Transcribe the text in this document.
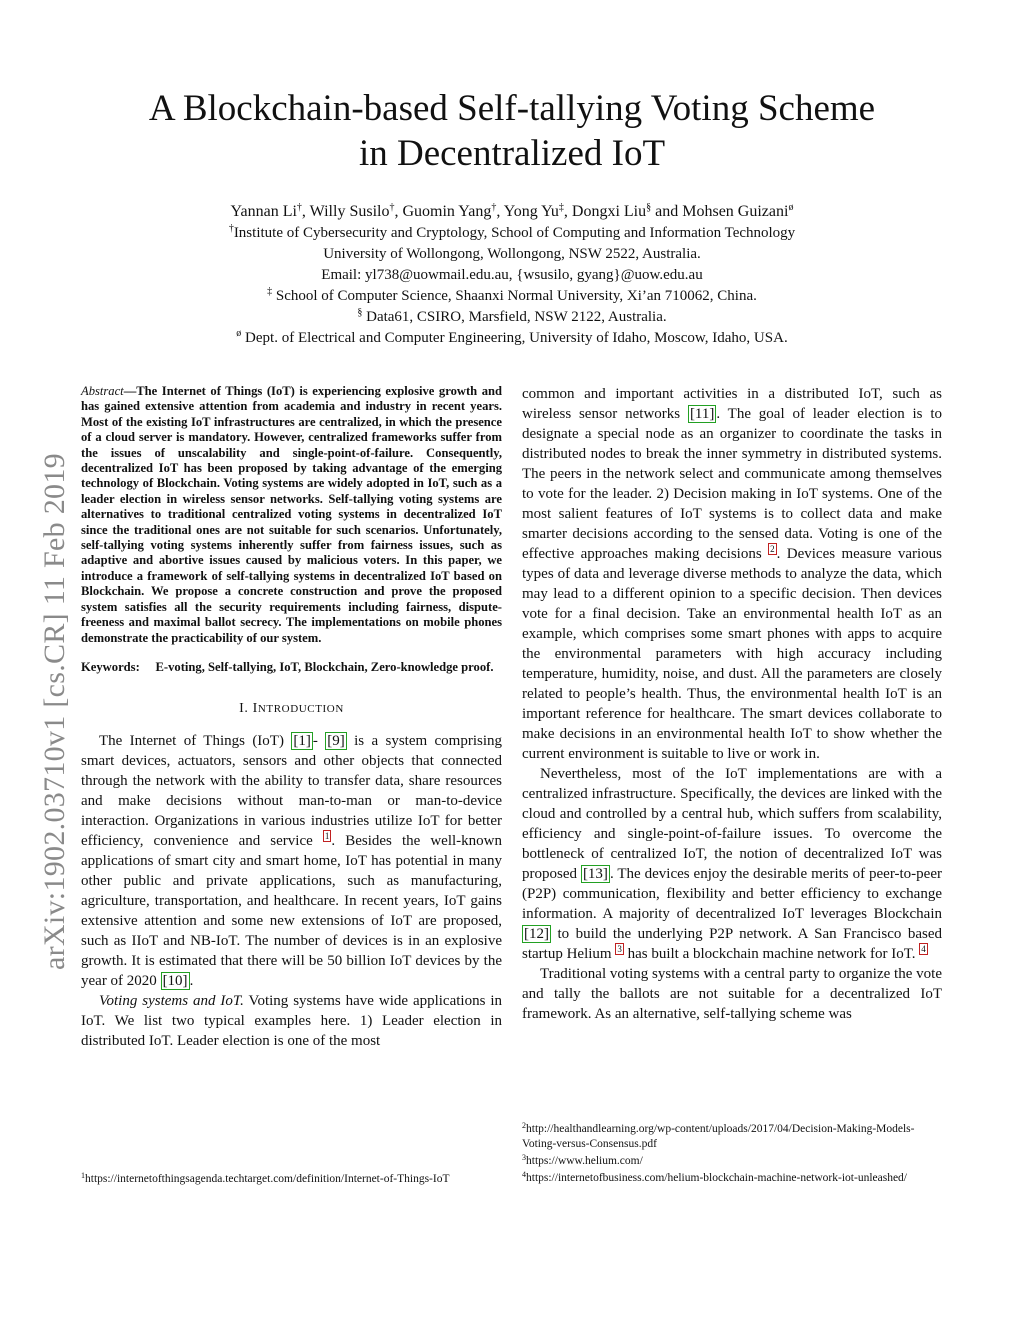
arXiv:1902.03710v1 [cs.CR] 11 Feb 2019
A Blockchain-based Self-tallying Voting Scheme
in Decentralized IoT

Yannan Li†, Willy Susilo†, Guomin Yang†, Yong Yu‡, Dongxi Liu§ and Mohsen Guizani$^ø$

†Institute of Cybersecurity and Cryptology, School of Computing and Information Technology

University of Wollongong, Wollongong, NSW 2522, Australia.

Email: yl738@uowmail.edu.au, {wsusilo, gyang}@uow.edu.au

‡ School of Computer Science, Shaanxi Normal University, Xi’an 710062, China.

§ Data61, CSIRO, Marsfield, NSW 2122, Australia.

$^ø$ Dept. of Electrical and Computer Engineering, University of Idaho, Moscow, Idaho, USA.

Abstract—The Internet of Things (IoT) is experiencing explosive growth and has gained extensive attention from academia and industry in recent years. Most of the existing IoT infrastructures are centralized, in which the presence of a cloud server is mandatory. However, centralized frameworks suffer from the issues of unscalability and single-point-of-failure. Consequently, decentralized IoT has been proposed by taking advantage of the emerging technology of Blockchain. Voting systems are widely adopted in IoT, such as a leader election in wireless sensor networks. Self-tallying voting systems are alternatives to traditional centralized voting systems in decentralized IoT since the traditional ones are not suitable for such scenarios. Unfortunately, self-tallying voting systems inherently suffer from fairness issues, such as adaptive and abortive issues caused by malicious voters. In this paper, we introduce a framework of self-tallying systems in decentralized IoT based on Blockchain. We propose a concrete construction and prove the proposed system satisfies all the security requirements including fairness, dispute-freeness and maximal ballot secrecy. The implementations on mobile phones demonstrate the practicability of our system.

Keywords: E-voting, Self-tallying, IoT, Blockchain, Zero-knowledge proof.

I. INTRODUCTION

The Internet of Things (IoT) [1] - [9] is a system comprising smart devices, actuators, sensors and other objects that connected through the network with the ability to transfer data, share resources and make decisions without man-to-man or man-to-device interaction. Organizations in various industries utilize IoT for better efficiency, convenience and service $^1$ . Besides the well-known applications of smart city and smart home, IoT has potential in many other public and private applications, such as manufacturing, agriculture, transportation, and healthcare. In recent years, IoT gains extensive attention and some new extensions of IoT are proposed, such as IIoT and NB-IoT. The number of devices is in an explosive growth. It is estimated that there will be 50 billion IoT devices by the year of 2020 [10] .

Voting systems and IoT. Voting systems have wide applications in IoT. We list two typical examples here. 1) Leader election in distributed IoT. Leader election is one of the most

common and important activities in a distributed IoT, such as wireless sensor networks [11] . The goal of leader election is to designate a special node as an organizer to coordinate the tasks in distributed nodes to break the inner symmetry in distributed systems. The peers in the network select and communicate among themselves to vote for the leader. 2) Decision making in IoT systems. One of the most salient features of IoT systems is to collect data and make smarter decisions according to the sensed data. Voting is one of the effective approaches making decisions $^2$ . Devices measure various types of data and leverage diverse methods to analyze the data, which may lead to a different opinion to a specific decision. Then devices vote for a final decision. Take an environmental health IoT as an example, which comprises some smart phones with apps to acquire the environmental parameters with high accuracy including temperature, humidity, noise, and dust. All the parameters are closely related to people’s health. Thus, the environmental health IoT is an important reference for healthcare. The smart devices collaborate to make decisions in an environmental health IoT to show whether the current environment is suitable to live or work in.

Nevertheless, most of the IoT implementations are with a centralized infrastructure. Specifically, the devices are linked with the cloud and controlled by a central hub, which suffers from scalability, efficiency and single-point-of-failure issues. To overcome the bottleneck of centralized IoT, the notion of decentralized IoT was proposed [13] . The devices enjoy the desirable merits of peer-to-peer (P2P) communication, flexibility and better efficiency to exchange information. A majority of decentralized IoT leverages Blockchain [12] to build the underlying P2P network. A San Francisco based startup Helium $^3$ has built a blockchain machine network for IoT. $^4$

Traditional voting systems with a central party to organize the vote and tally the ballots are not suitable for a decentralized IoT framework. As an alternative, self-tallying scheme was

$^1$https://internetofthingsagenda.techtarget.com/definition/Internet-of-Things-IoT

$^2$http://healthandlearning.org/wp-content/uploads/2017/04/Decision-Making-Models-Voting-versus-Consensus.pdf

$^3$https://www.helium.com/

$^4$https://internetofbusiness.com/helium-blockchain-machine-network-iot-unleashed/
